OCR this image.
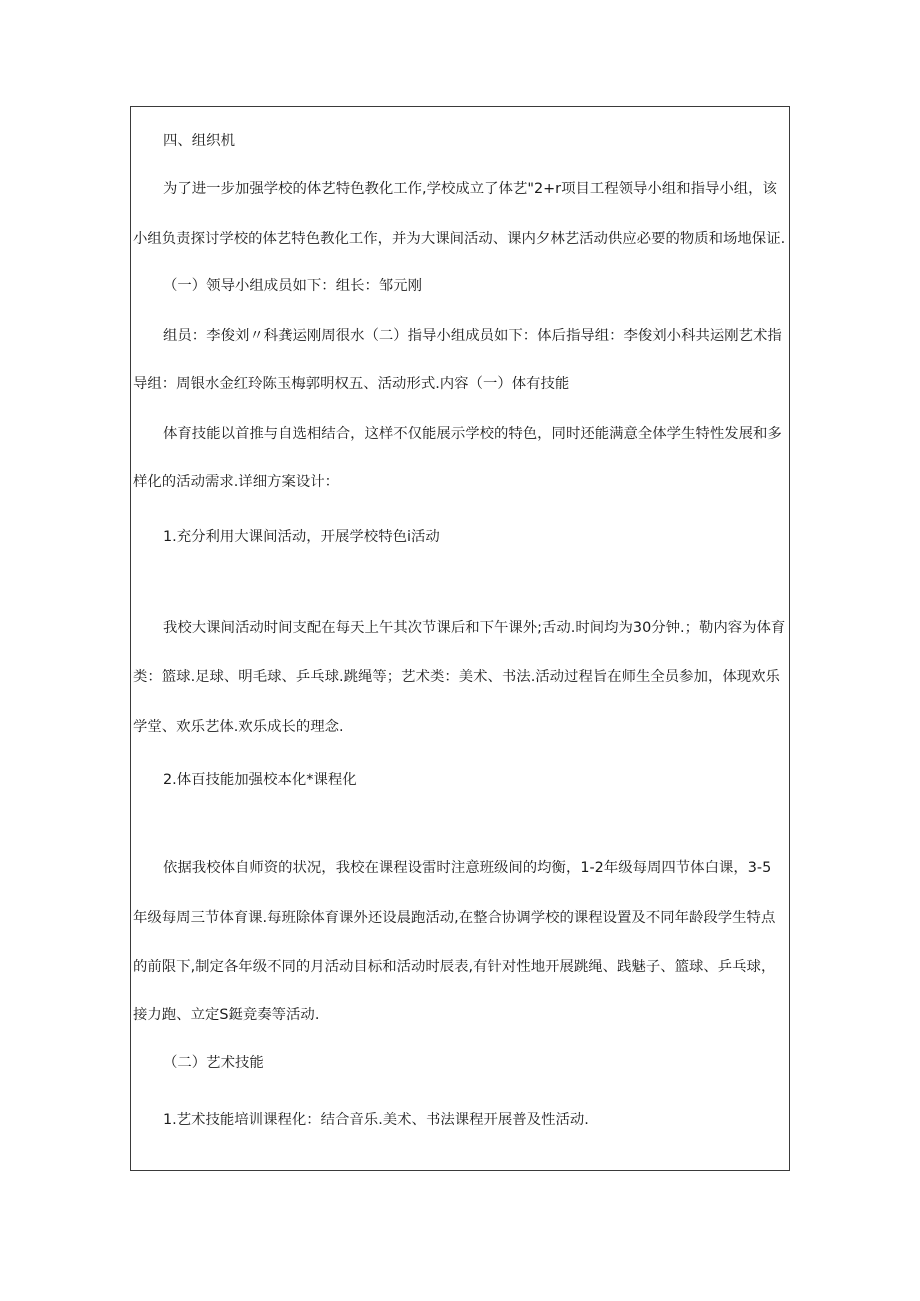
四、组织机
为了进一步加强学校的体艺特色教化工作,学校成立了体艺"2+r项目工程领导小组和指导小组，该
小组负责探讨学校的体艺特色教化工作，并为大课间活动、课内夕林艺活动供应必要的物质和场地保证.
（一）领导小组成员如下：组长：邹元刚
组员：李俊刘〃科龚运刚周很水（二）指导小组成员如下：体后指导组：李俊刘小科共运刚艺术指
导组：周银水金红玲陈玉梅郭明权五、活动形式.内容（一）体有技能
体育技能以首推与自选相结合，这样不仅能展示学校的特色，同时还能满意全体学生特性发展和多
样化的活动需求.详细方案设计：
1.充分利用大课间活动，开展学校特色i活动
我校大课间活动时间支配在每天上午其次节课后和下午课外;舌动.时间均为30分钟.；勒内容为体育
类：篮球.足球、明毛球、乒乓球.跳绳等；艺术类：美术、书法.活动过程旨在师生全员参加，体现欢乐
学堂、欢乐艺体.欢乐成长的理念.
2.体百技能加强校本化*课程化
依据我校体自师资的状况，我校在课程设雷时注意班级间的均衡，1-2年级每周四节体白课，3-5
年级每周三节体育课.每班除体育课外还设晨跑活动,在整合协调学校的课程设置及不同年龄段学生特点
的前限下,制定各年级不同的月活动目标和活动时辰表,有针对性地开展跳绳、践魅子、篮球、乒乓球，
接力跑、立定S鋌竞奏等活动.
（二）艺术技能
1.艺术技能培训课程化：结合音乐.美术、书法课程开展普及性活动.
